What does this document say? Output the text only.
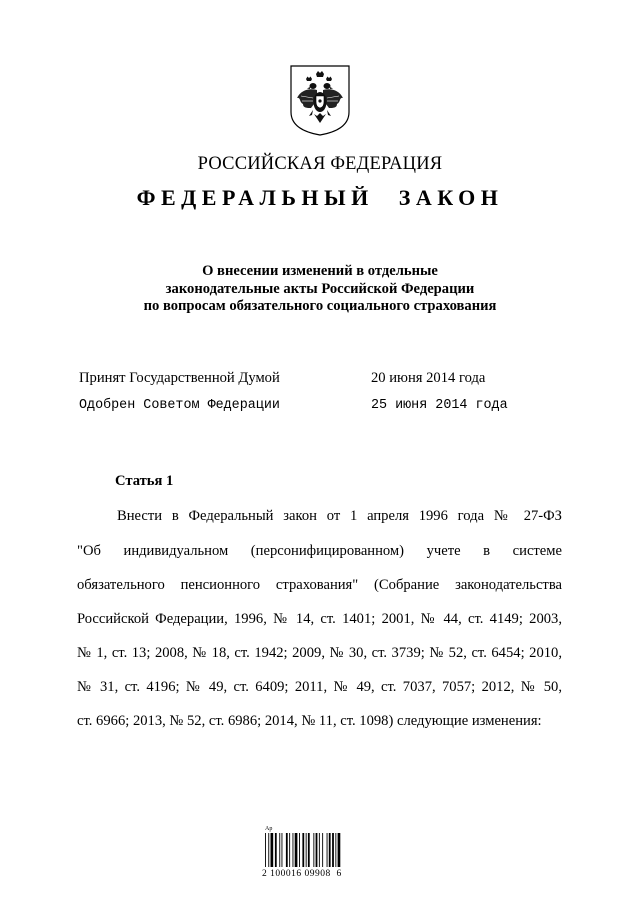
РОССИЙСКАЯ ФЕДЕРАЦИЯ
ФЕДЕРАЛЬНЫЙ ЗАКОН
О внесении изменений в отдельные
законодательные акты Российской Федерации
по вопросам обязательного социального страхования
Принят Государственной Думой	20 июня 2014 года
Одобрен Советом Федерации	25 июня 2014 года
Статья 1
Внести в Федеральный закон от 1 апреля 1996 года № 27-ФЗ
"Об индивидуальном (персонифицированном) учете в системе
обязательного пенсионного страхования" (Собрание законодательства
Российской Федерации, 1996, № 14, ст. 1401; 2001, № 44, ст. 4149; 2003,
№ 1, ст. 13; 2008, № 18, ст. 1942; 2009, № 30, ст. 3739; № 52, ст. 6454; 2010,
№ 31, ст. 4196; № 49, ст. 6409; 2011, № 49, ст. 7037, 7057; 2012, № 50,
ст. 6966; 2013, № 52, ст. 6986; 2014, № 11, ст. 1098) следующие изменения:
Ap
2 100016 09908  6
